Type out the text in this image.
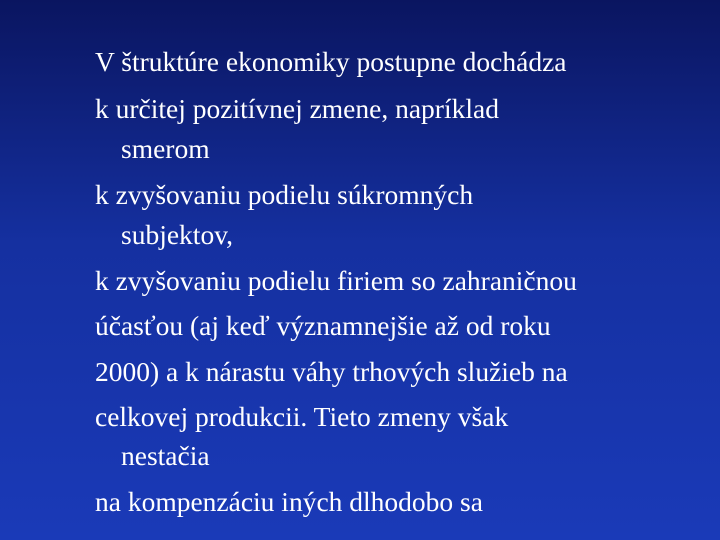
V štruktúre ekonomiky postupne dochádza
k určitej pozitívnej zmene, napríklad
smerom
k zvyšovaniu podielu súkromných
subjektov,
k zvyšovaniu podielu firiem so zahraničnou
účasťou (aj keď významnejšie až od roku
2000) a k nárastu váhy trhových služieb na
celkovej produkcii. Tieto zmeny však
nestačia
na kompenzáciu iných dlhodobo sa
